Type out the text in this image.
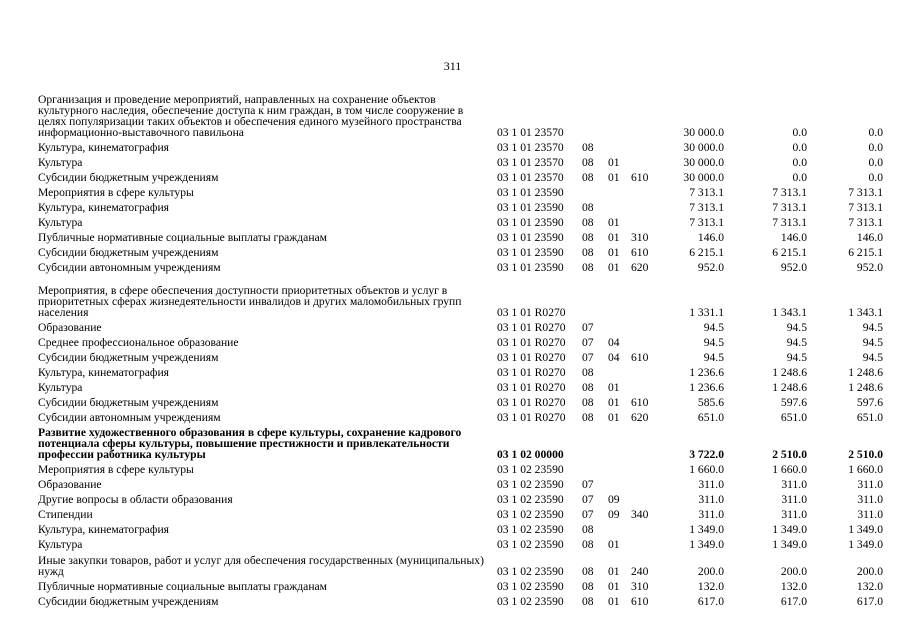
311
Организация и проведение мероприятий, направленных на сохранение объектов культурного наследия, обеспечение доступа к ним граждан, в том числе сооружение в целях популяризации таких объектов и обеспечения единого музейного пространства информационно-выставочного павильона	03 1 01 23570	30 000.0	0.0	0.0
Культура, кинематография	03 1 01 23570 08	30 000.0	0.0	0.0
Культура	03 1 01 23570 08 01	30 000.0	0.0	0.0
Субсидии бюджетным учреждениям	03 1 01 23570 08 01 610	30 000.0	0.0	0.0
Мероприятия в сфере культуры	03 1 01 23590	7 313.1	7 313.1	7 313.1
Культура, кинематография	03 1 01 23590 08	7 313.1	7 313.1	7 313.1
Культура	03 1 01 23590 08 01	7 313.1	7 313.1	7 313.1
Публичные нормативные социальные выплаты гражданам	03 1 01 23590 08 01 310	146.0	146.0	146.0
Субсидии бюджетным учреждениям	03 1 01 23590 08 01 610	6 215.1	6 215.1	6 215.1
Субсидии автономным учреждениям	03 1 01 23590 08 01 620	952.0	952.0	952.0
Мероприятия, в сфере обеспечения доступности приоритетных объектов и услуг в приоритетных сферах жизнедеятельности инвалидов и других маломобильных групп населения	03 1 01 R0270	1 331.1	1 343.1	1 343.1
Образование	03 1 01 R0270 07	94.5	94.5	94.5
Среднее профессиональное образование	03 1 01 R0270 07 04	94.5	94.5	94.5
Субсидии бюджетным учреждениям	03 1 01 R0270 07 04 610	94.5	94.5	94.5
Культура, кинематография	03 1 01 R0270 08	1 236.6	1 248.6	1 248.6
Культура	03 1 01 R0270 08 01	1 236.6	1 248.6	1 248.6
Субсидии бюджетным учреждениям	03 1 01 R0270 08 01 610	585.6	597.6	597.6
Субсидии автономным учреждениям	03 1 01 R0270 08 01 620	651.0	651.0	651.0
Развитие художественного образования в сфере культуры, сохранение кадрового потенциала сферы культуры, повышение престижности и привлекательности профессии работника культуры	03 1 02 00000	3 722.0	2 510.0	2 510.0
Мероприятия в сфере культуры	03 1 02 23590	1 660.0	1 660.0	1 660.0
Образование	03 1 02 23590 07	311.0	311.0	311.0
Другие вопросы в области образования	03 1 02 23590 07 09	311.0	311.0	311.0
Стипендии	03 1 02 23590 07 09 340	311.0	311.0	311.0
Культура, кинематография	03 1 02 23590 08	1 349.0	1 349.0	1 349.0
Культура	03 1 02 23590 08 01	1 349.0	1 349.0	1 349.0
Иные закупки товаров, работ и услуг для обеспечения государственных (муниципальных) нужд	03 1 02 23590 08 01 240	200.0	200.0	200.0
Публичные нормативные социальные выплаты гражданам	03 1 02 23590 08 01 310	132.0	132.0	132.0
Субсидии бюджетным учреждениям	03 1 02 23590 08 01 610	617.0	617.0	617.0
